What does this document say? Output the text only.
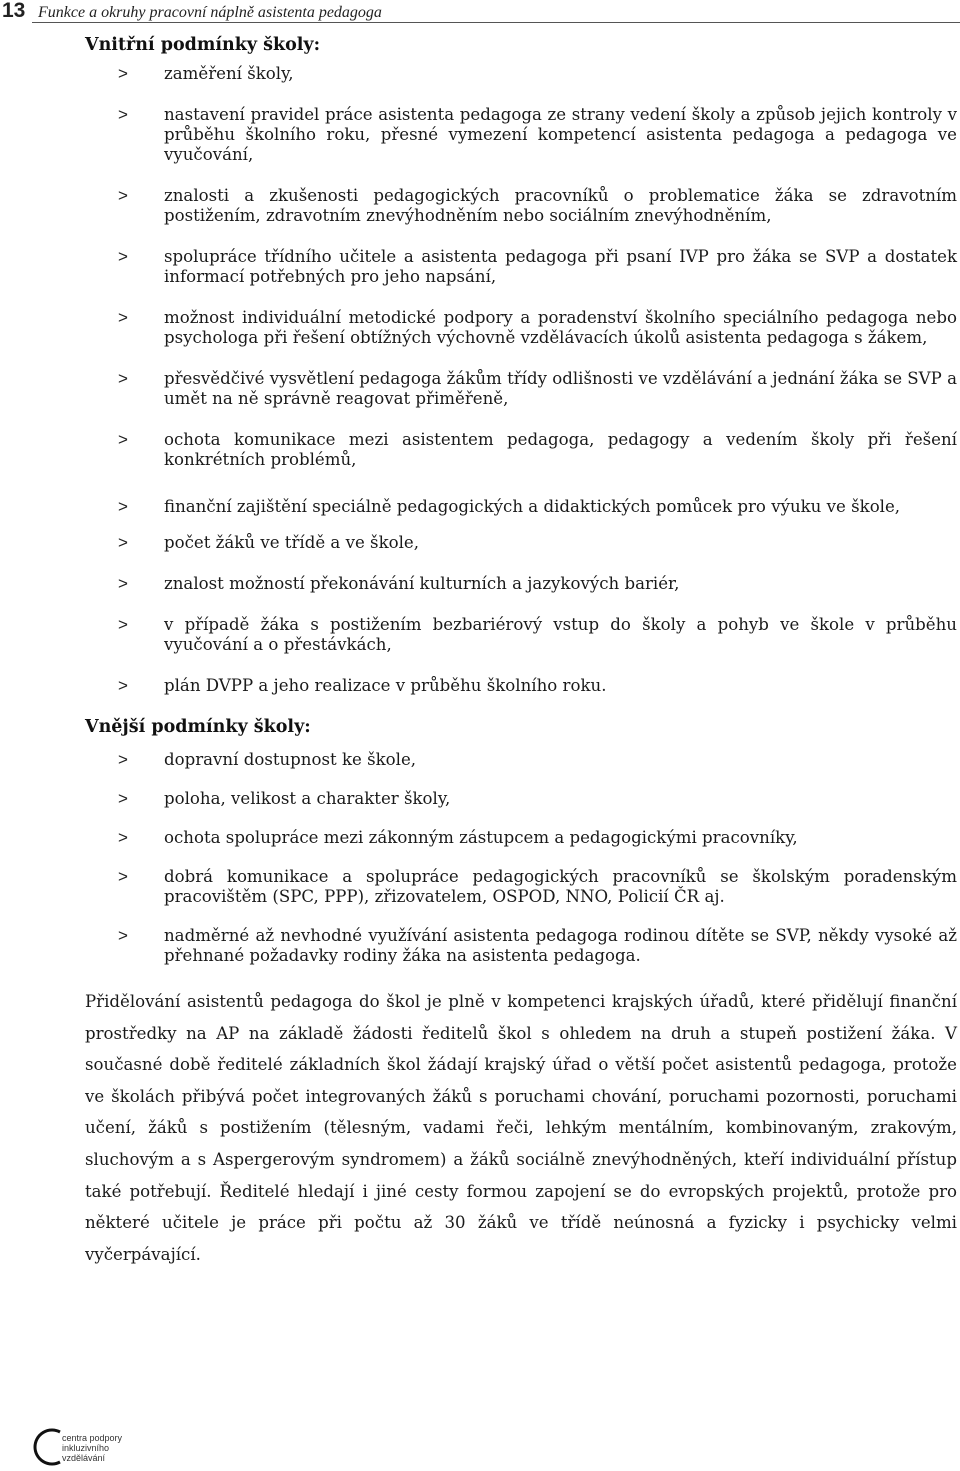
13 Funkce a okruhy pracovní náplně asistenta pedagoga
Vnitřní podmínky školy:
> zaměření školy,
> nastavení pravidel práce asistenta pedagoga ze strany vedení školy a způsob jejich kontroly v průběhu školního roku, přesné vymezení kompetencí asistenta pedagoga a pedagoga ve vyučování,
> znalosti a zkušenosti pedagogických pracovníků o problematice žáka se zdravotním postižením, zdravotním znevýhodněním nebo sociálním znevýhodněním,
> spolupráce třídního učitele a asistenta pedagoga při psaní IVP pro žáka se SVP a dostatek informací potřebných pro jeho napsání,
> možnost individuální metodické podpory a poradenství školního speciálního pedagoga nebo psychologa při řešení obtížných výchovně vzdělávacích úkolů asistenta pedagoga s žákem,
> přesvědčivé vysvětlení pedagoga žákům třídy odlišnosti ve vzdělávání a jednání žáka se SVP a umět na ně správně reagovat přiměřeně,
> ochota komunikace mezi asistentem pedagoga, pedagogy a vedením školy při řešení konkrétních problémů,
> finanční zajištění speciálně pedagogických a didaktických pomůcek pro výuku ve škole,
> počet žáků ve třídě a ve škole,
> znalost možností překonávání kulturních a jazykových bariér,
> v případě žáka s postižením bezbariérový vstup do školy a pohyb ve škole v průběhu vyučování a o přestávkách,
> plán DVPP a jeho realizace v průběhu školního roku.
Vnější podmínky školy:
> dopravní dostupnost ke škole,
> poloha, velikost a charakter školy,
> ochota spolupráce mezi zákonným zástupcem a pedagogickými pracovníky,
> dobrá komunikace a spolupráce pedagogických pracovníků se školským poradenským pracovištěm (SPC, PPP), zřizovatelem, OSPOD, NNO, Policií ČR aj.
> nadměrné až nevhodné využívání asistenta pedagoga rodinou dítěte se SVP, někdy vysoké až přehnané požadavky rodiny žáka na asistenta pedagoga.

Přidělování asistentů pedagoga do škol je plně v kompetenci krajských úřadů, které přidělují finanční prostředky na AP na základě žádosti ředitelů škol s ohledem na druh a stupeň postižení žáka. V současné době ředitelé základních škol žádají krajský úřad o větší počet asistentů pedagoga, protože ve školách přibývá počet integrovaných žáků s poruchami chování, poruchami pozornosti, poruchami učení, žáků s postižením (tělesným, vadami řeči, lehkým mentálním, kombinovaným, zrakovým, sluchovým a s Aspergerovým syndromem) a žáků sociálně znevýhodněných, kteří individuální přístup také potřebují. Ředitelé hledají i jiné cesty formou zapojení se do evropských projektů, protože pro některé učitele je práce při počtu až 30 žáků ve třídě neúnosná a fyzicky i psychicky velmi vyčerpávající.

centra podpory
inkluzivního vzdělávání
